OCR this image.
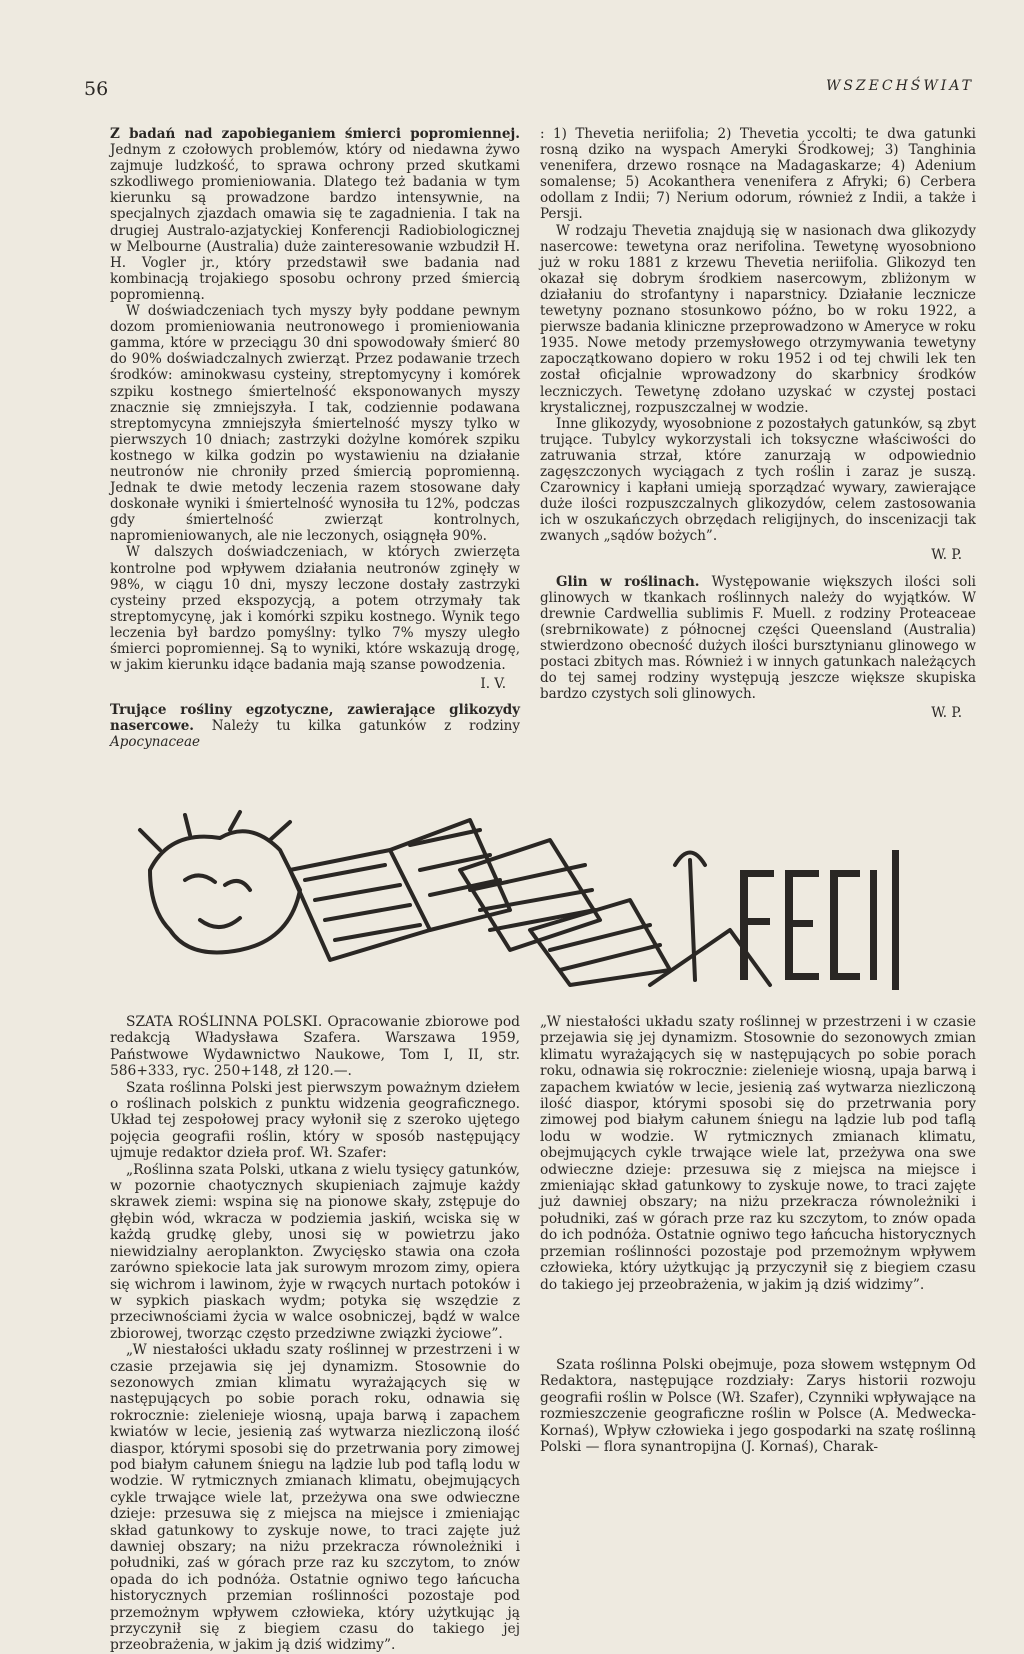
56	WSZECHŚWIAT

Z badań nad zapobieganiem śmierci popromiennej. Jednym z czołowych problemów, który od niedawna żywo zajmuje ludzkość, to sprawa ochrony przed skutkami szkodliwego promieniowania. Dlatego też badania w tym kierunku są prowadzone bardzo intensywnie, na specjalnych zjazdach omawia się te zagadnienia. I tak na drugiej Australo-azjatyckiej Konferencji Radiobiologicznej w Melbourne (Australia) duże zainteresowanie wzbudził H. H. Vogler jr., który przedstawił swe badania nad kombinacją trojakiego sposobu ochrony przed śmiercią popromienną.

W doświadczeniach tych myszy były poddane pewnym dozom promieniowania neutronowego i promieniowania gamma, które w przeciągu 30 dni spowodowały śmierć 80 do 90% doświadczalnych zwierząt. Przez podawanie trzech środków: aminokwasu cysteiny, streptomycyny i komórek szpiku kostnego śmiertelność eksponowanych myszy znacznie się zmniejszyła. I tak, codziennie podawana streptomycyna zmniejszyła śmiertelność myszy tylko w pierwszych 10 dniach; zastrzyki dożylne komórek szpiku kostnego w kilka godzin po wystawieniu na działanie neutronów nie chroniły przed śmiercią popromienną. Jednak te dwie metody leczenia razem stosowane dały doskonałe wyniki i śmiertelność wynosiła tu 12%, podczas gdy śmiertelność zwierząt kontrolnych, napromieniowanych, ale nie leczonych, osiągnęła 90%.

W dalszych doświadczeniach, w których zwierzęta kontrolne pod wpływem działania neutronów zginęły w 98%, w ciągu 10 dni, myszy leczone dostały zastrzyki cysteiny przed ekspozycją, a potem otrzymały tak streptomycynę, jak i komórki szpiku kostnego. Wynik tego leczenia był bardzo pomyślny: tylko 7% myszy uległo śmierci popromiennej. Są to wyniki, które wskazują drogę, w jakim kierunku idące badania mają szanse powodzenia.

I. V.

Trujące rośliny egzotyczne, zawierające glikozydy nasercowe. Należy tu kilka gatunków z rodziny Apocynaceae

: 1) Thevetia neriifolia; 2) Thevetia yccolti; te dwa gatunki rosną dziko na wyspach Ameryki Środkowej; 3) Tanghinia venenifera, drzewo rosnące na Madagaskarze; 4) Adenium somalense; 5) Acokanthera venenifera z Afryki; 6) Cerbera odollam z Indii; 7) Nerium odorum, również z Indii, a także i Persji.

W rodzaju Thevetia znajdują się w nasionach dwa glikozydy nasercowe: tewetyna oraz nerifolina. Tewetynę wyosobniono już w roku 1881 z krzewu Thevetia neriifolia. Glikozyd ten okazał się dobrym środkiem nasercowym, zbliżonym w działaniu do strofantyny i naparstnicy. Działanie lecznicze tewetyny poznano stosunkowo późno, bo w roku 1922, a pierwsze badania kliniczne przeprowadzono w Ameryce w roku 1935. Nowe metody przemysłowego otrzymywania tewetyny zapoczątkowano dopiero w roku 1952 i od tej chwili lek ten został oficjalnie wprowadzony do skarbnicy środków leczniczych. Tewetynę zdołano uzyskać w czystej postaci krystalicznej, rozpuszczalnej w wodzie.

Inne glikozydy, wyosobnione z pozostałych gatunków, są zbyt trujące. Tubylcy wykorzystali ich toksyczne właściwości do zatruwania strzał, które zanurzają w odpowiednio zagęszczonych wyciągach z tych roślin i zaraz je suszą. Czarownicy i kapłani umieją sporządzać wywary, zawierające duże ilości rozpuszczalnych glikozydów, celem zastosowania ich w oszukańczych obrzędach religijnych, do inscenizacji tak zwanych „sądów bożych”.

W. P.

Glin w roślinach. Występowanie większych ilości soli glinowych w tkankach roślinnych należy do wyjątków. W drewnie Cardwellia sublimis F. Muell. z rodziny Proteaceae (srebrnikowate) z północnej części Queensland (Australia) stwierdzono obecność dużych ilości bursztynianu glinowego w postaci zbitych mas. Również i w innych gatunkach należących do tej samej rodziny występują jeszcze większe skupiska bardzo czystych soli glinowych.

W. P.

RECENZJE

SZATA ROŚLINNA POLSKI. Opracowanie zbiorowe pod redakcją Władysława Szafera. Warszawa 1959, Państwowe Wydawnictwo Naukowe, Tom I, II, str. 586+333, ryc. 250+148, zł 120.—.

Szata roślinna Polski jest pierwszym poważnym dziełem o roślinach polskich z punktu widzenia geograficznego. Układ tej zespołowej pracy wyłonił się z szeroko ujętego pojęcia geografii roślin, który w sposób następujący ujmuje redaktor dzieła prof. Wł. Szafer:

„Roślinna szata Polski, utkana z wielu tysięcy gatunków, w pozornie chaotycznych skupieniach zajmuje każdy skrawek ziemi: wspina się na pionowe skały, zstępuje do głębin wód, wkracza w podziemia jaskiń, wciska się w każdą grudkę gleby, unosi się w powietrzu jako niewidzialny aeroplankton. Zwycięsko stawia ona czoła zarówno spiekocie lata jak surowym mrozom zimy, opiera się wichrom i lawinom, żyje w rwących nurtach potoków i w sypkich piaskach wydm; potyka się wszędzie z przeciwnościami życia w walce osobniczej, bądź w walce zbiorowej, tworząc często przedziwne związki życiowe”.

„W niestałości układu szaty roślinnej w przestrzeni i w czasie przejawia się jej dynamizm. Stosownie do sezonowych zmian klimatu wyrażających się w następujących po sobie porach roku, odnawia się rokrocznie: zielenieje wiosną, upaja barwą i zapachem kwiatów w lecie, jesienią zaś wytwarza niezliczoną ilość diaspor, którymi sposobi się do przetrwania pory zimowej pod białym całunem śniegu na lądzie lub pod taflą lodu w wodzie. W rytmicznych zmianach klimatu, obejmujących cykle trwające wiele lat, przeżywa ona swe odwieczne dzieje: przesuwa się z miejsca na miejsce i zmieniając skład gatunkowy to zyskuje nowe, to traci zajęte już dawniej obszary; na niżu przekracza równoleżniki i południki, zaś w górach prze raz ku szczytom, to znów opada do ich podnóża. Ostatnie ogniwo tego łańcucha historycznych przemian roślinności pozostaje pod przemożnym wpływem człowieka, który użytkując ją przyczynił się z biegiem czasu do takiego jej przeobrażenia, w jakim ją dziś widzimy”.

„W niestałości układu szaty roślinnej w przestrzeni i w czasie przejawia się jej dynamizm. Stosownie do sezonowych zmian klimatu wyrażających się w następujących po sobie porach roku, odnawia się rokrocznie: zielenieje wiosną, upaja barwą i zapachem kwiatów w lecie, jesienią zaś wytwarza niezliczoną ilość diaspor, którymi sposobi się do przetrwania pory zimowej pod białym całunem śniegu na lądzie lub pod taflą lodu w wodzie. W rytmicznych zmianach klimatu, obejmujących cykle trwające wiele lat, przeżywa ona swe odwieczne dzieje: przesuwa się z miejsca na miejsce i zmieniając skład gatunkowy to zyskuje nowe, to traci zajęte już dawniej obszary; na niżu przekracza równoleżniki i południki, zaś w górach prze raz ku szczytom, to znów opada do ich podnóża. Ostatnie ogniwo tego łańcucha historycznych przemian roślinności pozostaje pod przemożnym wpływem człowieka, który użytkując ją przyczynił się z biegiem czasu do takiego jej przeobrażenia, w jakim ją dziś widzimy”.

Szata roślinna Polski obejmuje, poza słowem wstępnym Od Redaktora, następujące rozdziały: Zarys historii rozwoju geografii roślin w Polsce (Wł. Szafer), Czynniki wpływające na rozmieszczenie geograficzne roślin w Polsce (A. Medwecka-Kornaś), Wpływ człowieka i jego gospodarki na szatę roślinną Polski — flora synantropijna (J. Kornaś), Charak-
